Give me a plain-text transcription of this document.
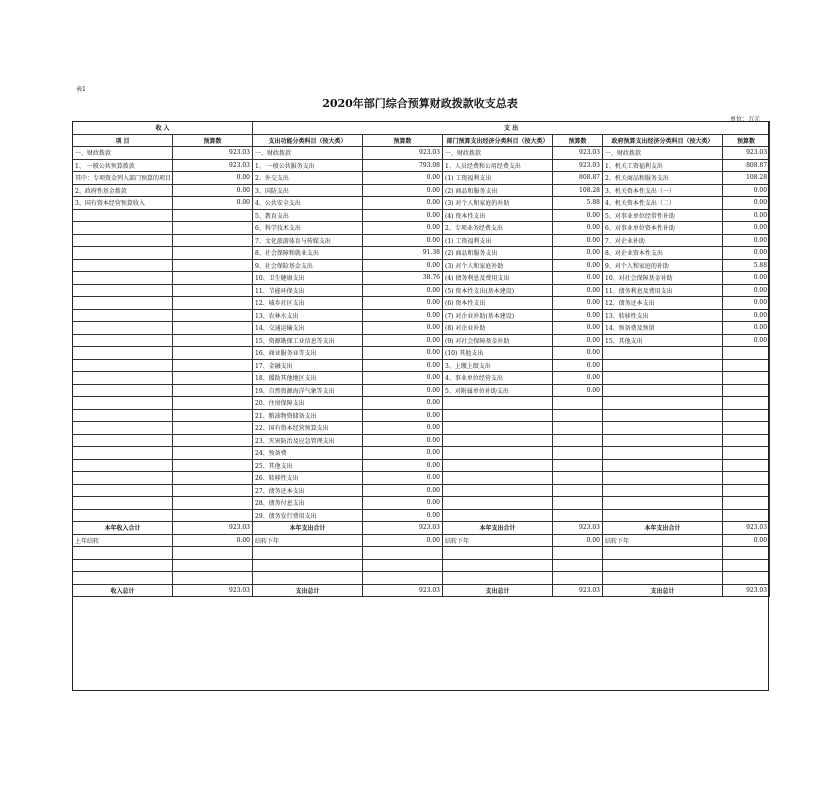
表1
2020年部门综合预算财政拨款收支总表
单位：万元
收 入		支 出					
项 目	预算数	支出功能分类科目（按大类）	预算数	部门预算支出经济分类科目（按大类）	预算数	政府预算支出经济分类科目（按大类）	预算数
一、财政拨款	923.03	一、财政拨款	923.03	一、财政拨款	923.03	一、财政拨款	923.03
1、 一般公共预算拨款	923.03	1、 一般公共服务支出	793.08	1、人员经费和公用经费支出	923.03	1、机关工资福利支出	808.87
其中：专项资金列入部门预算的项目	0.00	2、外交支出	0.00	(1) 工资福利支出	808.87	2、机关商品和服务支出	108.28
2、政府性基金拨款	0.00	3、国防支出	0.00	(2) 商品和服务支出	108.28	3、机关资本性支出（一）	0.00
3、国有资本经营预算收入	0.00	4、公共安全支出	0.00	(3) 对个人和家庭的补助	5.88	4、机关资本性支出（二）	0.00
		5、教育支出	0.00	(4) 资本性支出	0.00	5、对事业单位经常性补助	0.00
		6、科学技术支出	0.00	2、专项业务经费支出	0.00	6、对事业单位资本性补助	0.00
		7、文化旅游体育与传媒支出	0.00	(1) 工资福利支出	0.00	7、对企业补助	0.00
		8、社会保障和就业支出	91.38	(2) 商品和服务支出	0.00	8、对企业资本性支出	0.00
		9、社会保险基金支出	0.00	(3) 对个人和家庭补助	0.00	9、对个人和家庭的补助	5.88
		10、卫生健康支出	38.76	(4) 债务利息及费用支出	0.00	10、对社会保障基金补助	0.00
		11、节能环保支出	0.00	(5) 资本性支出(基本建设)	0.00	11、债务利息及费用支出	0.00
		12、城乡社区支出	0.00	(6) 资本性支出	0.00	12、债务还本支出	0.00
		13、农林水支出	0.00	(7) 对企业补助(基本建设)	0.00	13、转移性支出	0.00
		14、交通运输支出	0.00	(8) 对企业补助	0.00	14、预备费及预留	0.00
		15、资源勘探工业信息等支出	0.00	(9) 对社会保障基金补助	0.00	15、其他支出	0.00
		16、商业服务业等支出	0.00	(10) 其他支出	0.00		
		17、金融支出	0.00	3、上缴上级支出	0.00		
		18、援助其他地区支出	0.00	4、事业单位经营支出	0.00		
		19、自然资源海洋气象等支出	0.00	5、对附属单位补助支出	0.00		
		20、住房保障支出	0.00				
		21、粮油物资储备支出	0.00				
		22、国有资本经营预算支出	0.00				
		23、灾害防治及应急管理支出	0.00				
		24、预备费	0.00				
		25、其他支出	0.00				
		26、转移性支出	0.00				
		27、债务还本支出	0.00				
		28、债务付息支出	0.00				
		29、债务发行费用支出	0.00				
本年收入合计	923.03	本年支出合计	923.03	本年支出合计	923.03	本年支出合计	923.03
上年结转	0.00	结转下年	0.00	结转下年	0.00	结转下年	0.00

收入总计	923.03	支出总计	923.03	支出总计	923.03	支出总计	923.03
